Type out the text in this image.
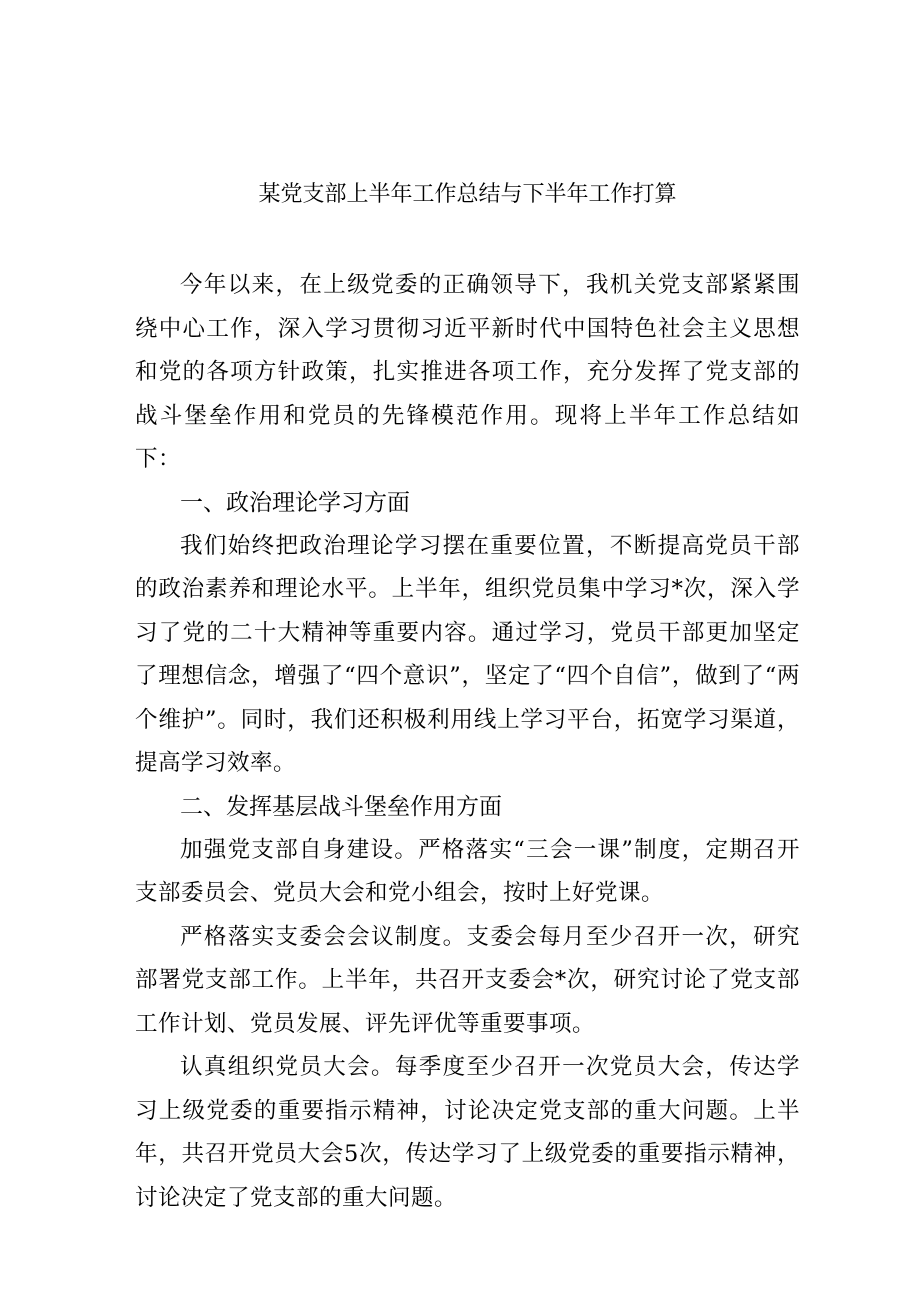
某党支部上半年工作总结与下半年工作打算

今年以来，在上级党委的正确领导下，我机关党支部紧紧围绕中心工作，深入学习贯彻习近平新时代中国特色社会主义思想和党的各项方针政策，扎实推进各项工作，充分发挥了党支部的战斗堡垒作用和党员的先锋模范作用。现将上半年工作总结如下：

一、政治理论学习方面

我们始终把政治理论学习摆在重要位置，不断提高党员干部的政治素养和理论水平。上半年，组织党员集中学习*次，深入学习了党的二十大精神等重要内容。通过学习，党员干部更加坚定了理想信念，增强了“四个意识”，坚定了“四个自信”，做到了“两个维护”。同时，我们还积极利用线上学习平台，拓宽学习渠道，提高学习效率。

二、发挥基层战斗堡垒作用方面

加强党支部自身建设。严格落实“三会一课”制度，定期召开支部委员会、党员大会和党小组会，按时上好党课。

严格落实支委会会议制度。支委会每月至少召开一次，研究部署党支部工作。上半年，共召开支委会*次，研究讨论了党支部工作计划、党员发展、评先评优等重要事项。

认真组织党员大会。每季度至少召开一次党员大会，传达学习上级党委的重要指示精神，讨论决定党支部的重大问题。上半年，共召开党员大会5次，传达学习了上级党委的重要指示精神，讨论决定了党支部的重大问题。
